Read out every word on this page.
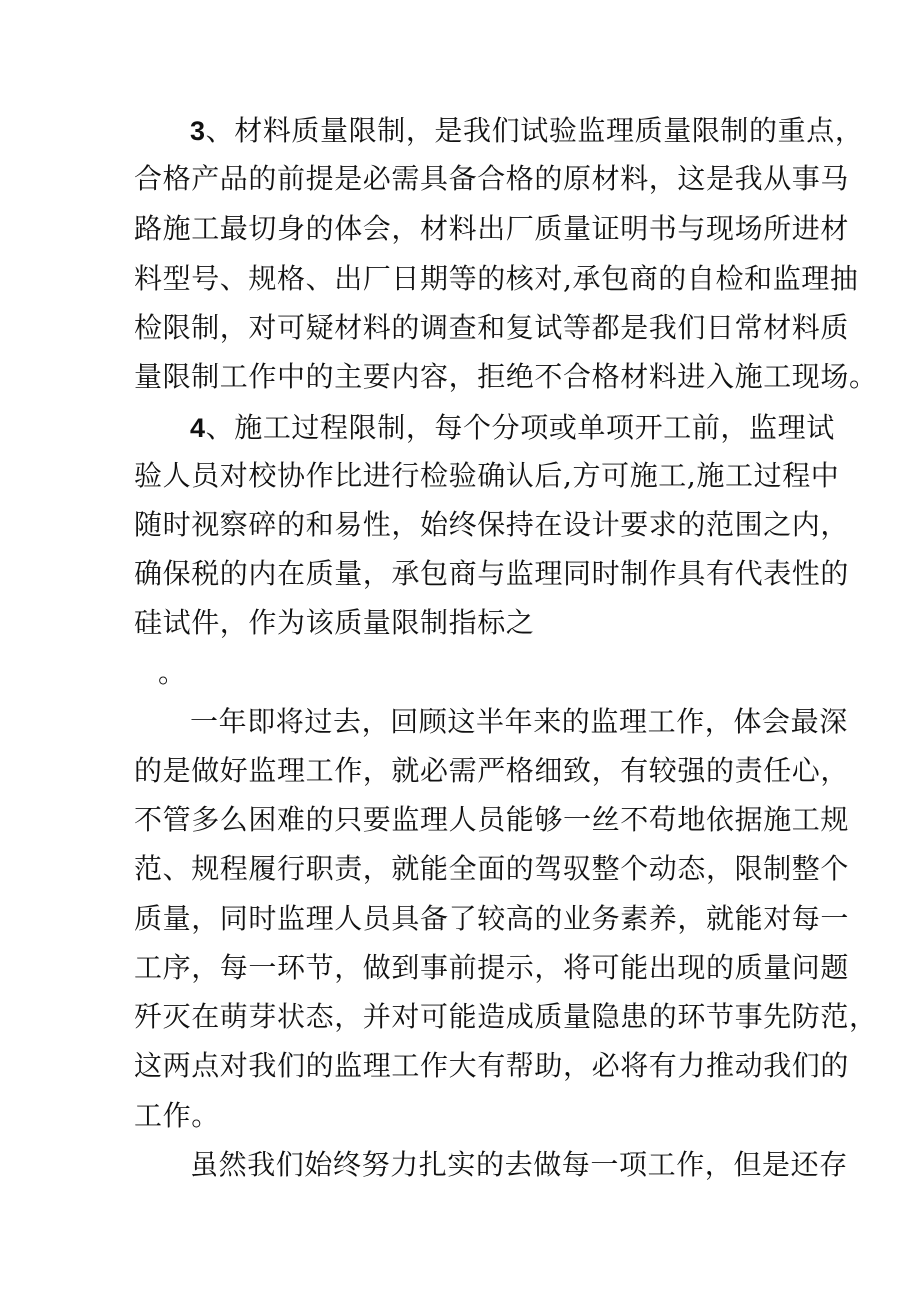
3、材料质量限制，是我们试验监理质量限制的重点，
合格产品的前提是必需具备合格的原材料，这是我从事马
路施工最切身的体会，材料出厂质量证明书与现场所进材
料型号、规格、出厂日期等的核对,承包商的自检和监理抽
检限制，对可疑材料的调查和复试等都是我们日常材料质
量限制工作中的主要内容，拒绝不合格材料进入施工现场。
4、施工过程限制，每个分项或单项开工前，监理试
验人员对校协作比进行检验确认后,方可施工,施工过程中
随时视察碎的和易性，始终保持在设计要求的范围之内，
确保税的内在质量，承包商与监理同时制作具有代表性的
硅试件，作为该质量限制指标之
。
一年即将过去，回顾这半年来的监理工作，体会最深
的是做好监理工作，就必需严格细致，有较强的责任心，
不管多么困难的只要监理人员能够一丝不苟地依据施工规
范、规程履行职责，就能全面的驾驭整个动态，限制整个
质量，同时监理人员具备了较高的业务素养，就能对每一
工序，每一环节，做到事前提示，将可能出现的质量问题
歼灭在萌芽状态，并对可能造成质量隐患的环节事先防范，
这两点对我们的监理工作大有帮助，必将有力推动我们的
工作。
虽然我们始终努力扎实的去做每一项工作，但是还存
